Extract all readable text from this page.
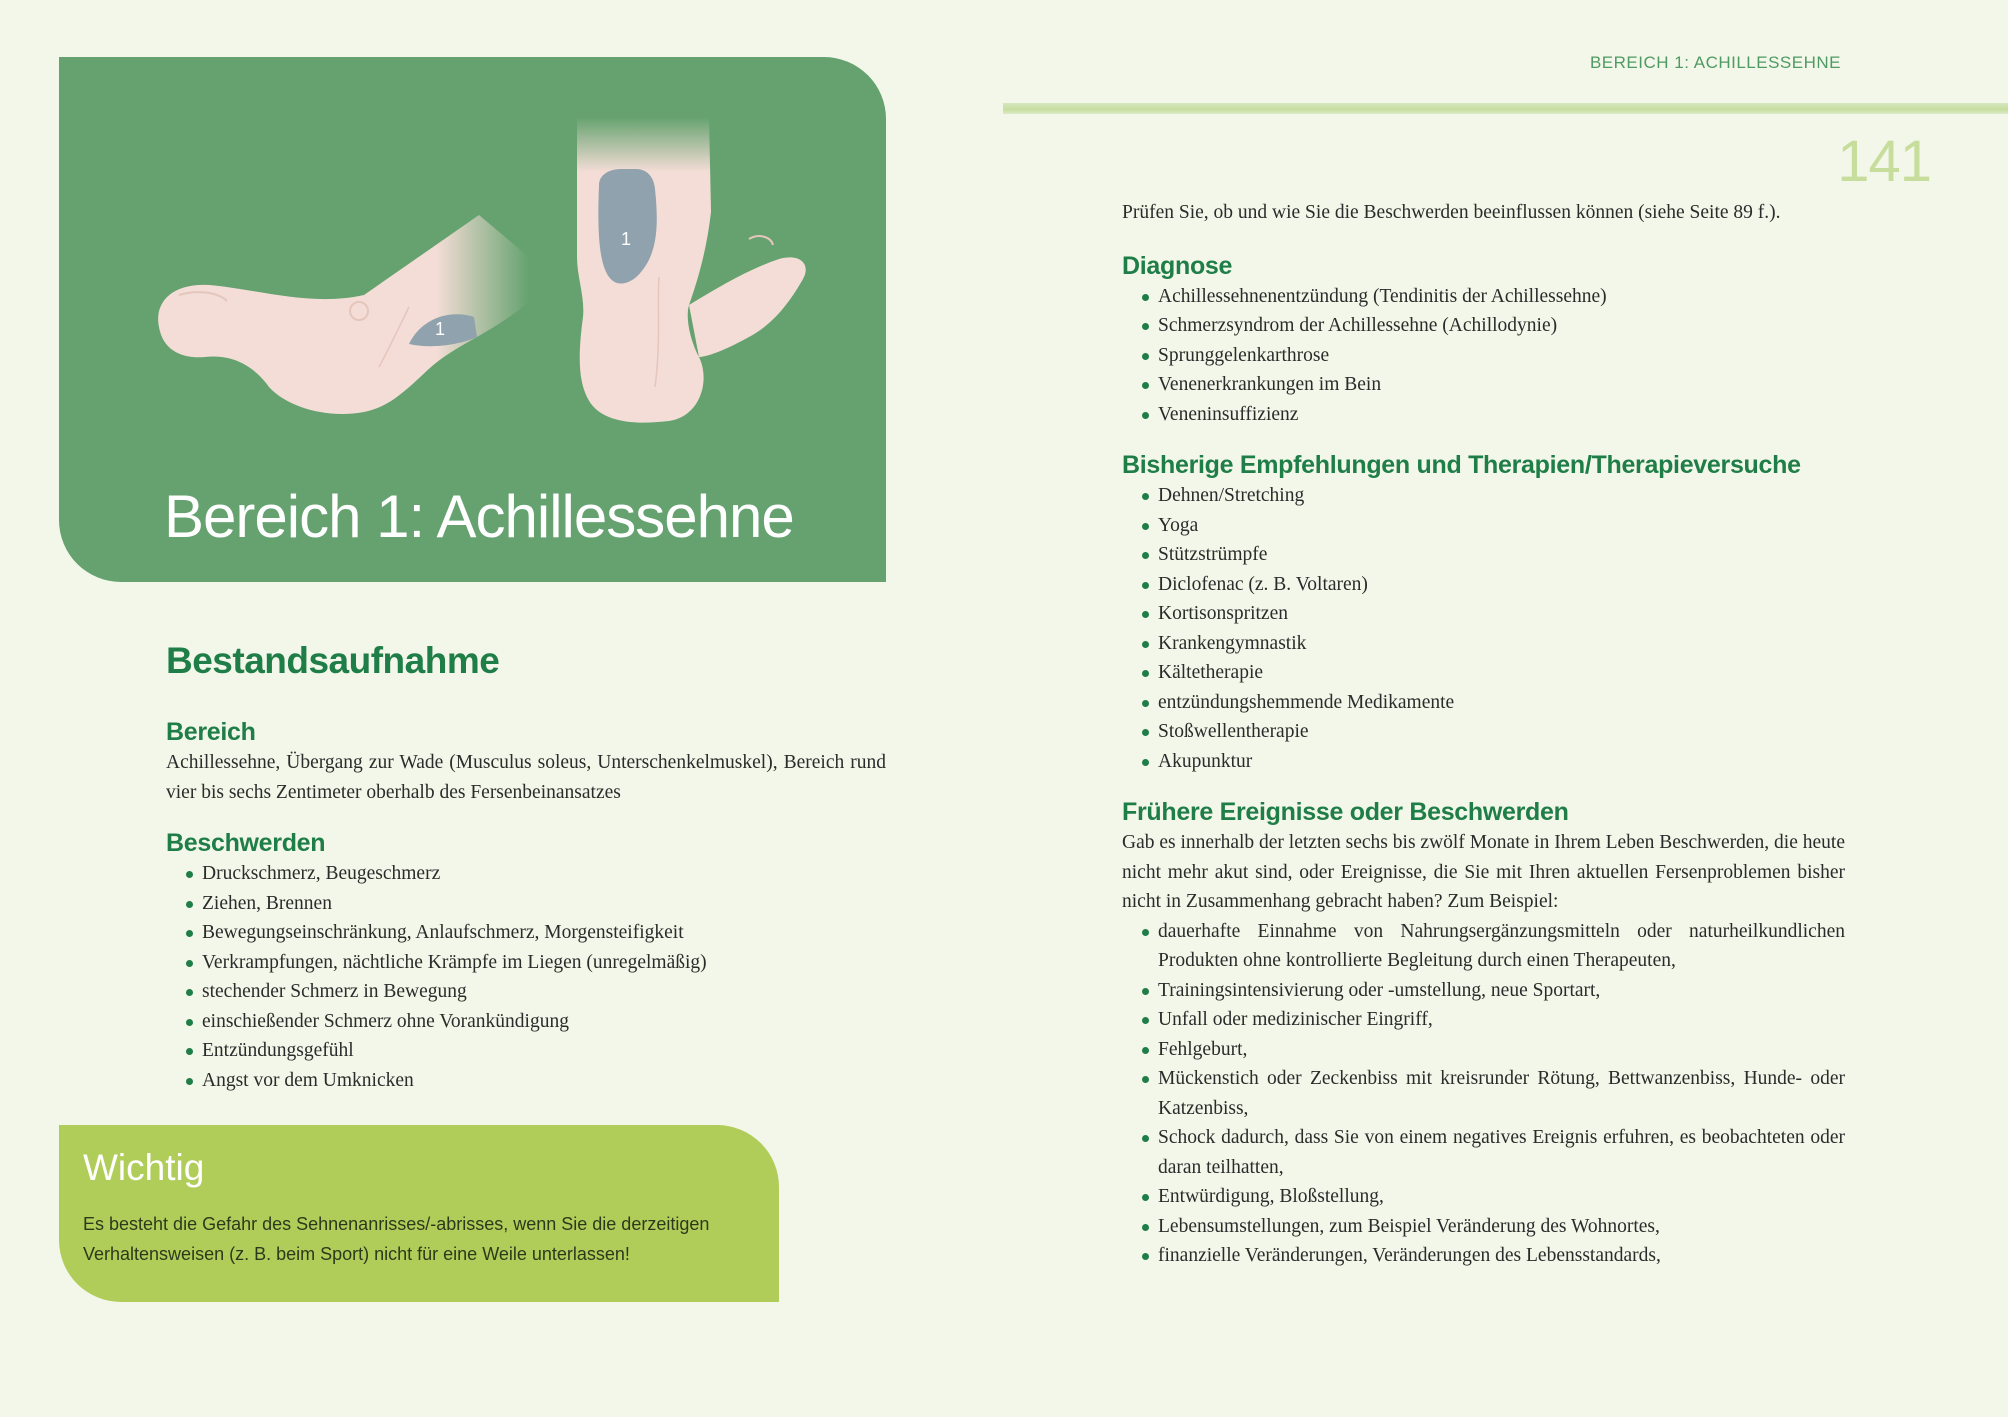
BEREICH 1: ACHILLESSEHNE
141
1
1
Bereich 1: Achillessehne
Bestandsaufnahme
Bereich

Achillessehne, Übergang zur Wade (Musculus soleus, Unterschenkelmuskel), Bereich rund vier bis sechs Zentimeter oberhalb des Fersenbeinansatzes

Beschwerden
Druckschmerz, Beugeschmerz
Ziehen, Brennen
Bewegungseinschränkung, Anlaufschmerz, Morgensteifigkeit
Verkrampfungen, nächtliche Krämpfe im Liegen (unregelmäßig)
stechender Schmerz in Bewegung
einschießender Schmerz ohne Vorankündigung
Entzündungsgefühl
Angst vor dem Umknicken
Wichtig

Es besteht die Gefahr des Sehnenanrisses/-abrisses, wenn Sie die derzeitigen Verhaltensweisen (z. B. beim Sport) nicht für eine Weile unterlassen!

Prüfen Sie, ob und wie Sie die Beschwerden beeinflussen können (siehe Seite 89 f.).

Diagnose
Achillessehnenentzündung (Tendinitis der Achillessehne)
Schmerzsyndrom der Achillessehne (Achillodynie)
Sprunggelenkarthrose
Venenerkrankungen im Bein
Veneninsuffizienz
Bisherige Empfehlungen und Therapien/Therapieversuche
Dehnen/Stretching
Yoga
Stützstrümpfe
Diclofenac (z. B. Voltaren)
Kortisonspritzen
Krankengymnastik
Kältetherapie
entzündungshemmende Medikamente
Stoßwellentherapie
Akupunktur
Frühere Ereignisse oder Beschwerden

Gab es innerhalb der letzten sechs bis zwölf Monate in Ihrem Leben Beschwerden, die heute nicht mehr akut sind, oder Ereignisse, die Sie mit Ihren aktuellen Fersenproblemen bisher nicht in Zusammenhang gebracht haben? Zum Beispiel:

dauerhafte Einnahme von Nahrungsergänzungsmitteln oder naturheilkundlichen Produkten ohne kontrollierte Begleitung durch einen Therapeuten,
Trainingsintensivierung oder -umstellung, neue Sportart,
Unfall oder medizinischer Eingriff,
Fehlgeburt,
Mückenstich oder Zeckenbiss mit kreisrunder Rötung, Bettwanzenbiss, Hunde- oder Katzenbiss,
Schock dadurch, dass Sie von einem negatives Ereignis erfuhren, es beobachteten oder daran teilhatten,
Entwürdigung, Bloßstellung,
Lebensumstellungen, zum Beispiel Veränderung des Wohnortes,
finanzielle Veränderungen, Veränderungen des Lebensstandards,
